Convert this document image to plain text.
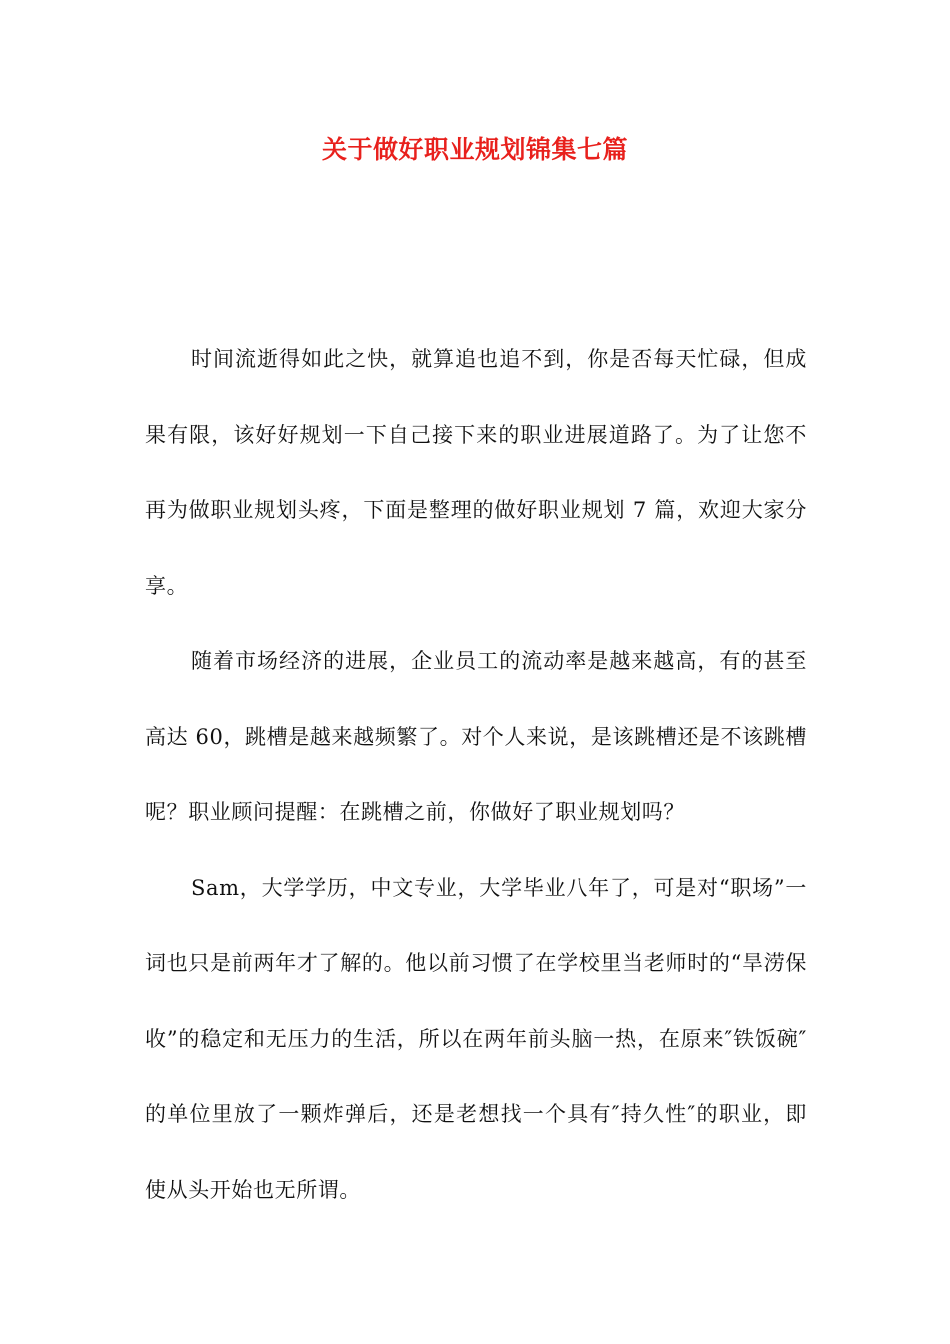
关于做好职业规划锦集七篇

时间流逝得如此之快，就算追也追不到，你是否每天忙碌，但成果有限，该好好规划一下自己接下来的职业进展道路了。为了让您不再为做职业规划头疼，下面是整理的做好职业规划 7 篇，欢迎大家分享。

随着市场经济的进展，企业员工的流动率是越来越高，有的甚至高达 60，跳槽是越来越频繁了。对个人来说，是该跳槽还是不该跳槽呢？职业顾问提醒：在跳槽之前，你做好了职业规划吗？

Sam，大学学历，中文专业，大学毕业八年了，可是对“职场”一词也只是前两年才了解的。他以前习惯了在学校里当老师时的“旱涝保收”的稳定和无压力的生活，所以在两年前头脑一热，在原来″铁饭碗″的单位里放了一颗炸弹后，还是老想找一个具有″持久性″的职业，即使从头开始也无所谓。
